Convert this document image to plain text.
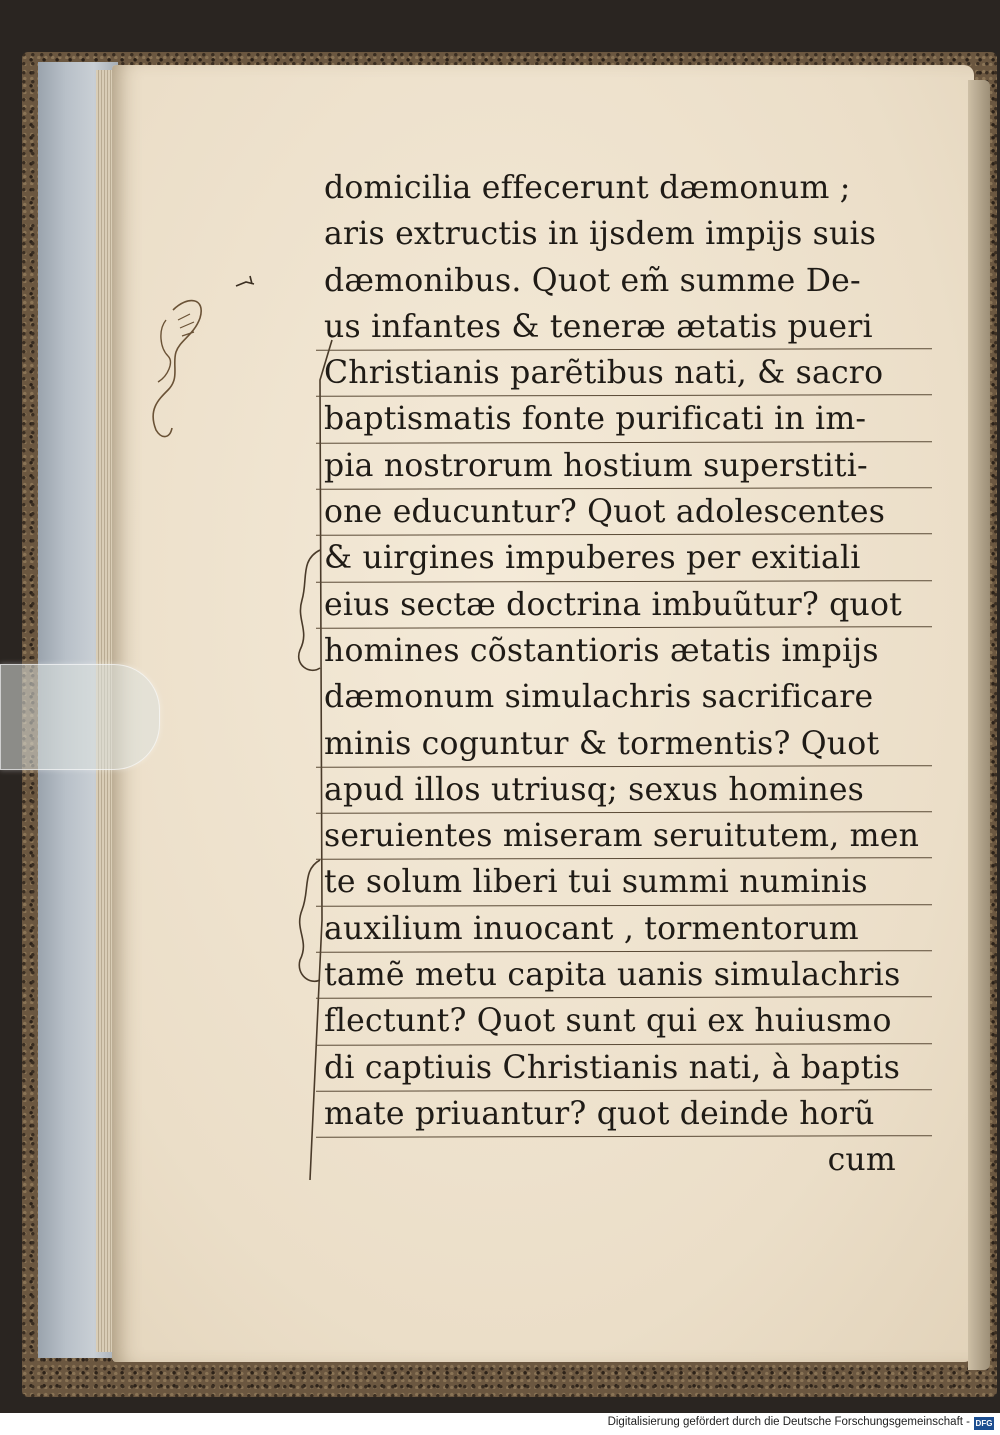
domicilia effecerunt dæmonum ;
aris extructis in ijsdem impijs suis
dæmonibus. Quot em̃ summe De-
us infantes & teneræ ætatis pueri
Christianis parẽtibus nati, & sacro
baptismatis fonte purificati in im-
pia nostrorum hostium superstiti-
one educuntur? Quot adolescentes
& uirgines impuberes per exitiali
eius sectæ doctrina imbuũtur? quot
homines cõstantioris ætatis impijs
dæmonum simulachris sacrificare
minis coguntur & tormentis? Quot
apud illos utriusq; sexus homines
seruientes miseram seruitutem, men
te solum liberi tui summi numinis
auxilium inuocant , tormentorum
tamẽ metu capita uanis simulachris
flectunt? Quot sunt qui ex huiusmo
di captiuis Christianis nati, à baptis
mate priuantur? quot deinde horũ
cum
Digitalisierung gefördert durch die Deutsche Forschungsgemeinschaft - DFG
